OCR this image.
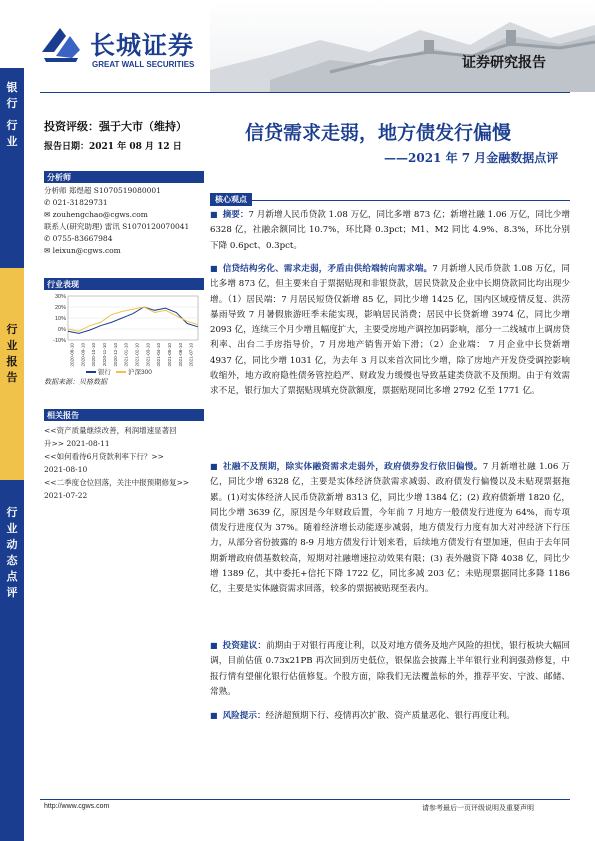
长城证券
GREAT WALL SECURITIES	证券研究报告
银
行
行
业
行
业
报
告
行
业
动
态
点
评
投资评级：强于大市（维持）
报告日期：2021 年 08 月 12 日
分析师
分析师 郑煜超 S1070519080001
✆ 021-31829731
✉ zouhengchao@cgws.com
联系人(研究助理) 雷讯 S1070120070041
✆ 0755-83667984
✉ leixun@cgws.com
行业表现
30%
20%
10%
0%
-10%
2020-08-10 2020-09-10 2020-10-10 2020-11-10 2020-12-10 2021-01-10 2021-02-10 2021-03-10 2021-04-10 2021-05-10 2021-06-10 2021-07-10
银行	沪深300
数据来源：贝格数据
相关报告
<<资产质量继续改善，利润增速显著回
升>> 2021-08-11
<<如何看待6月贷款利率下行？>>
2021-08-10
<<二季度仓位回落，关注中报预期修复>>
2021-07-22
信贷需求走弱，地方债发行偏慢
——2021 年 7 月金融数据点评
核心观点
■ 摘要：7 月新增人民币贷款 1.08 万亿，同比多增 873 亿；新增社融 1.06 万亿，同比少增 6328 亿，社融余额同比 10.7%，环比降 0.3pct；M1、M2 同比 4.9%、8.3%，环比分别下降 0.6pct、0.3pct。
■ 信贷结构劣化、需求走弱，矛盾由供给端转向需求端。7 月新增人民币贷款 1.08 万亿，同比多增 873 亿，但主要来自于票据贴现和非银贷款，居民贷款及企业中长期贷款同比均出现少增。（1）居民端：7 月居民短贷仅新增 85 亿，同比少增 1425 亿，国内区域疫情反复、洪涝暴雨导致 7 月暑假旅游旺季未能实现，影响居民消费；居民中长贷新增 3974 亿，同比少增 2093 亿，连续三个月少增且幅度扩大，主要受房地产调控加码影响，部分一二线城市上调房贷利率、出台二手房指导价，7 月房地产销售开始下滑；（2）企业端： 7 月企业中长贷新增 4937 亿，同比少增 1031 亿，为去年 3 月以来首次同比少增，除了房地产开发贷受调控影响收缩外，地方政府隐性债务管控趋严、财政发力缓慢也导致基建类贷款不及预期。由于有效需求不足，银行加大了票据贴现填充贷款额度，票据贴现同比多增 2792 亿至 1771 亿。
■ 社融不及预期，除实体融资需求走弱外，政府债券发行依旧偏慢。7 月新增社融 1.06 万亿，同比少增 6328 亿，主要是实体经济贷款需求减弱、政府债发行偏慢以及未贴现票据拖累。(1)对实体经济人民币贷款新增 8313 亿，同比少增 1384 亿；(2) 政府债新增 1820 亿，同比少增 3639 亿，原因是今年财政后置，今年前 7 月地方一般债发行进度为 64%，而专项债发行进度仅为 37%。随着经济增长动能逐步减弱，地方债发行力度有加大对冲经济下行压力，从部分省份披露的 8-9 月地方债发行计划来看，后续地方债发行有望加速，但由于去年同期新增政府债基数较高，短期对社融增速拉动效果有限；(3) 表外融资下降 4038 亿，同比少增 1389 亿，其中委托+信托下降 1722 亿，同比多减 203 亿；未贴现票据同比多降 1186 亿，主要是实体融资需求回落，较多的票据被贴现至表内。
■ 投资建议：前期由于对银行再度让利，以及对地方债务及地产风险的担忧，银行板块大幅回调，目前估值 0.73x21PB 再次回到历史低位，银保监会披露上半年银行业利润强劲修复，中报行情有望催化银行估值修复。个股方面，除我们无法覆盖标的外，推荐平安、宁波、邮储、常熟。
■ 风险提示：经济超预期下行、疫情再次扩散、资产质量恶化、银行再度让利。
http://www.cgws.com	请参考最后一页评级说明及重要声明
